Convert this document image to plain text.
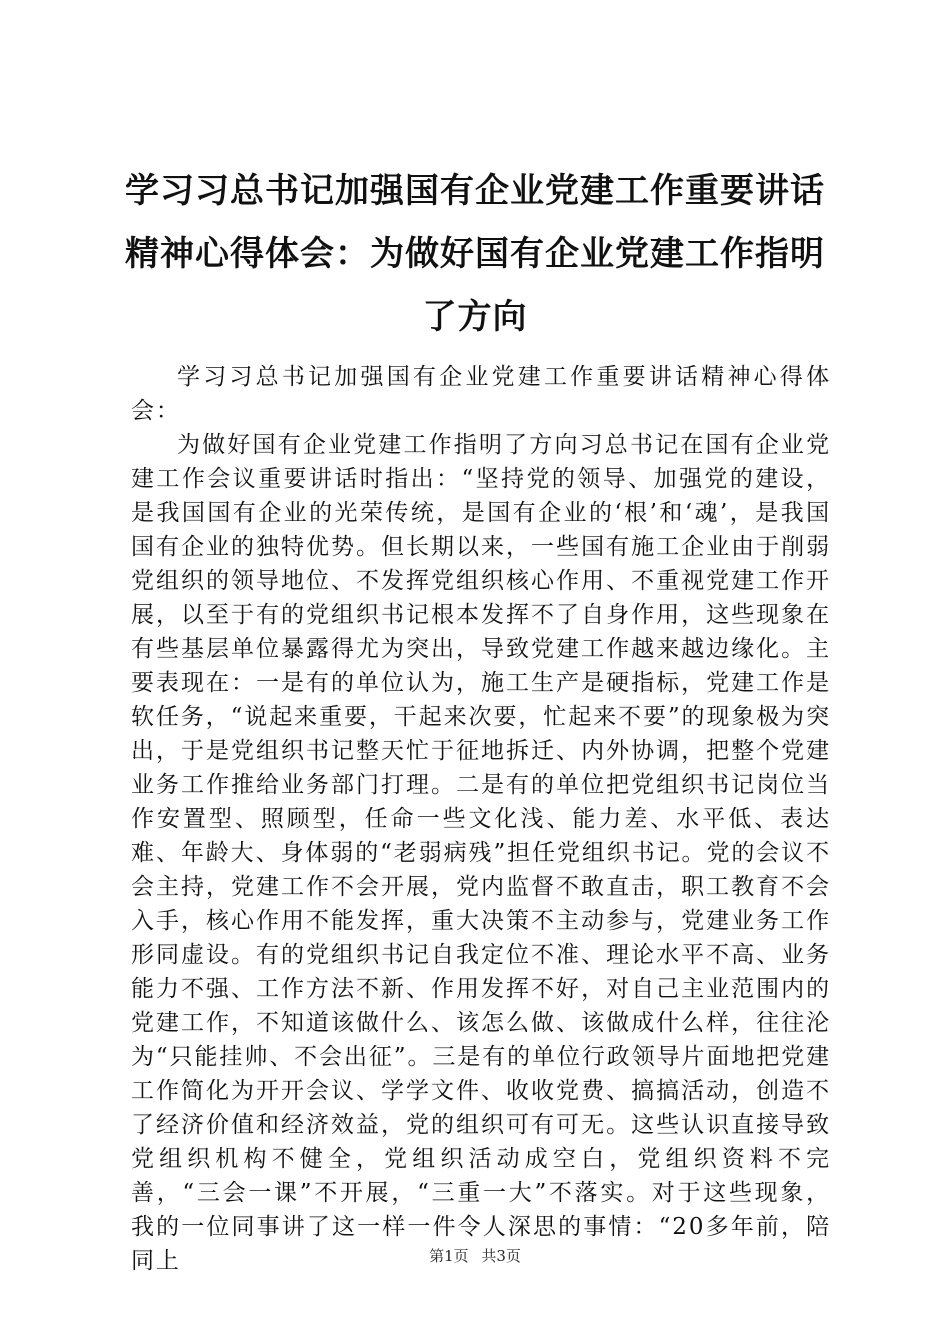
学习习总书记加强国有企业党建工作重要讲话
精神心得体会：为做好国有企业党建工作指明
了方向

学习习总书记加强国有企业党建工作重要讲话精神心得体会：

为做好国有企业党建工作指明了方向习总书记在国有企业党建工作会议重要讲话时指出：“坚持党的领导、加强党的建设，是我国国有企业的光荣传统，是国有企业的‘根’和‘魂’，是我国国有企业的独特优势。但长期以来，一些国有施工企业由于削弱党组织的领导地位、不发挥党组织核心作用、不重视党建工作开展，以至于有的党组织书记根本发挥不了自身作用，这些现象在有些基层单位暴露得尤为突出，导致党建工作越来越边缘化。主要表现在：一是有的单位认为，施工生产是硬指标，党建工作是软任务，“说起来重要，干起来次要，忙起来不要”的现象极为突出，于是党组织书记整天忙于征地拆迁、内外协调，把整个党建业务工作推给业务部门打理。二是有的单位把党组织书记岗位当作安置型、照顾型，任命一些文化浅、能力差、水平低、表达难、年龄大、身体弱的“老弱病残”担任党组织书记。党的会议不会主持，党建工作不会开展，党内监督不敢直击，职工教育不会入手，核心作用不能发挥，重大决策不主动参与，党建业务工作形同虚设。有的党组织书记自我定位不准、理论水平不高、业务能力不强、工作方法不新、作用发挥不好，对自己主业范围内的党建工作，不知道该做什么、该怎么做、该做成什么样，往往沦为“只能挂帅、不会出征”。三是有的单位行政领导片面地把党建工作简化为开开会议、学学文件、收收党费、搞搞活动，创造不了经济价值和经济效益，党的组织可有可无。这些认识直接导致党组织机构不健全，党组织活动成空白，党组织资料不完善，“三会一课”不开展，“三重一大”不落实。对于这些现象，我的一位同事讲了这一样一件令人深思的事情：“20多年前，陪同上	第1页 共3页
